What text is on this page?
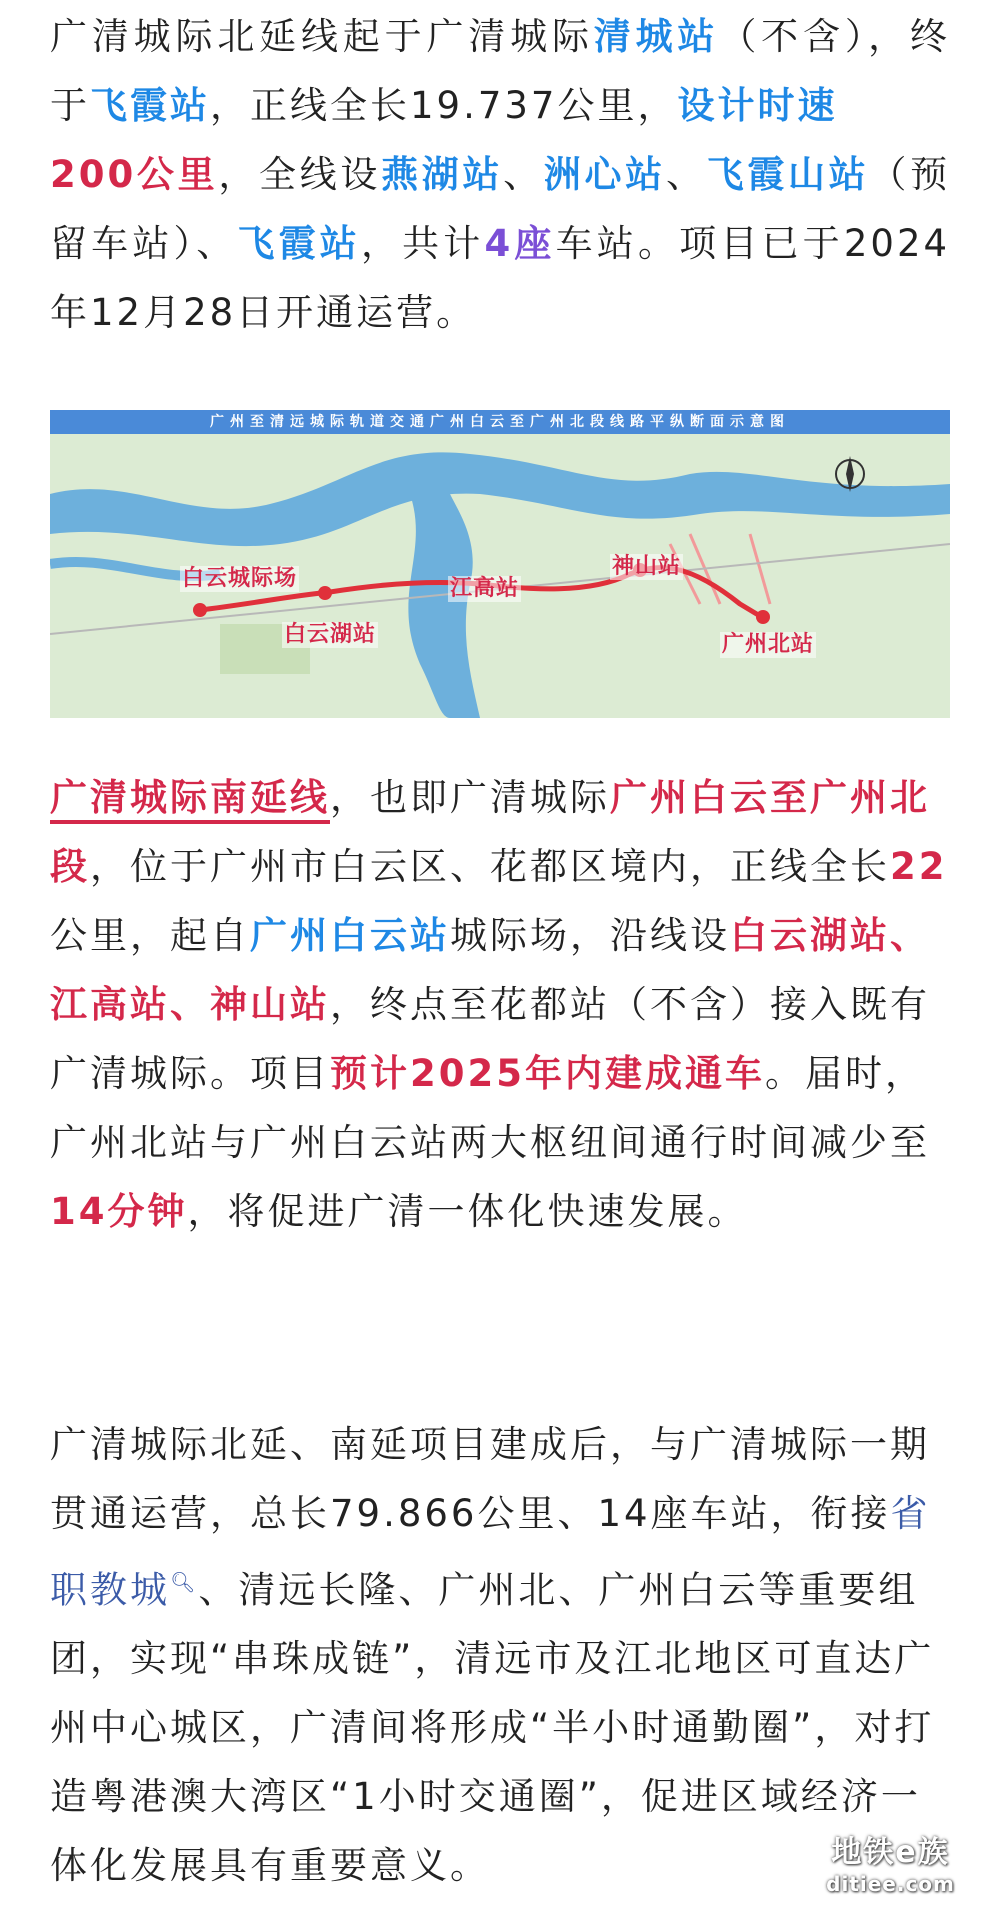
广清城际北延线起于广清城际清城站（不含），终于飞霞站，正线全长19.737公里，设计时速
200公里，全线设燕湖站、洲心站、飞霞山站（预留车站）、飞霞站，共计4座车站。项目已于2024年12月28日开通运营。
广州至清远城际轨道交通广州白云至广州北段线路平纵断面示意图
白云城际场
白云湖站
江高站
神山站
广州北站
广清城际南延线，也即广清城际广州白云至广州北段，位于广州市白云区、花都区境内，正线全长22公里，起自广州白云站城际场，沿线设白云湖站、江高站、神山站，终点至花都站（不含）接入既有广清城际。项目预计2025年内建成通车。届时，广州北站与广州白云站两大枢纽间通行时间减少至14分钟，将促进广清一体化快速发展。
广清城际北延、南延项目建成后，与广清城际一期贯通运营，总长79.866公里、14座车站，衔接省职教城🔍︎、清远长隆、广州北、广州白云等重要组团，实现“串珠成链”，清远市及江北地区可直达广州中心城区，广清间将形成“半小时通勤圈”，对打造粤港澳大湾区“1小时交通圈”，促进区域经济一体化发展具有重要意义。	地铁e族
ditiee.com
